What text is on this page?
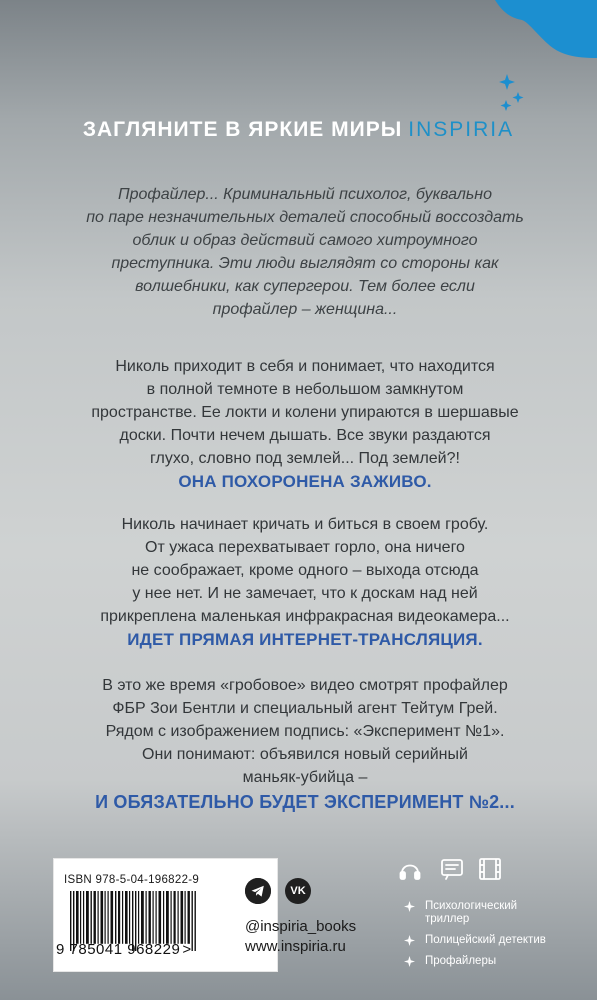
ЗАГЛЯНИТЕ В ЯРКИЕ МИРЫ INSPIRIA
Профайлер... Криминальный психолог, буквально
по паре незначительных деталей способный воссоздать
облик и образ действий самого хитроумного
преступника. Эти люди выглядят со стороны как
волшебники, как супергерои. Тем более если
профайлер – женщина...
Николь приходит в себя и понимает, что находится
в полной темноте в небольшом замкнутом
пространстве. Ее локти и колени упираются в шершавые
доски. Почти нечем дышать. Все звуки раздаются
глухо, словно под землей... Под землей?!
ОНА ПОХОРОНЕНА ЗАЖИВО.
Николь начинает кричать и биться в своем гробу.
От ужаса перехватывает горло, она ничего
не соображает, кроме одного – выхода отсюда
у нее нет. И не замечает, что к доскам над ней
прикреплена маленькая инфракрасная видеокамера...
ИДЕТ ПРЯМАЯ ИНТЕРНЕТ-ТРАНСЛЯЦИЯ.
В это же время «гробовое» видео смотрят профайлер
ФБР Зои Бентли и специальный агент Тейтум Грей.
Рядом с изображением подпись: «Эксперимент №1».
Они понимают: объявился новый серийный
маньяк-убийца –
И ОБЯЗАТЕЛЬНО БУДЕТ ЭКСПЕРИМЕНТ №2...
ISBN 978-5-04-196822-9
9 785041 968229 >
VK
@inspiria_books
www.inspiria.ru
Психологический триллер
Полицейский детектив
Профайлеры
